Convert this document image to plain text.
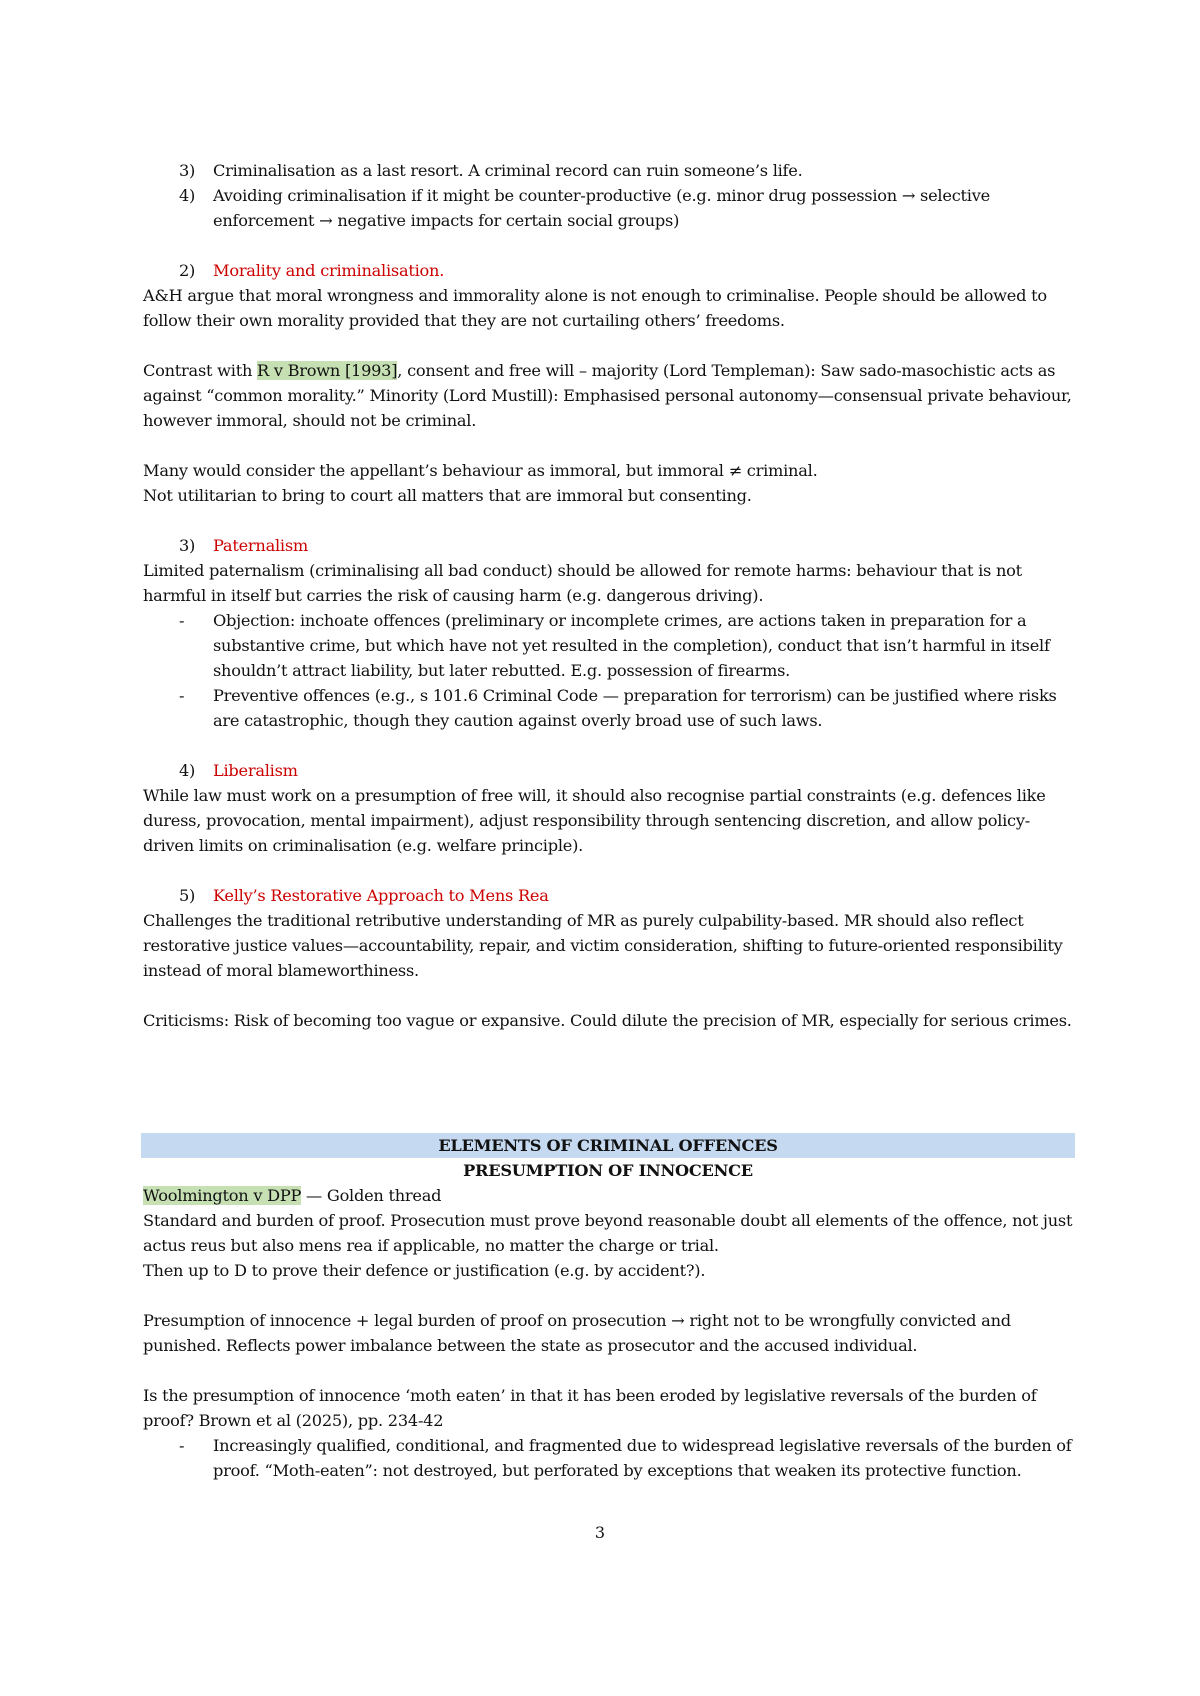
3) Criminalisation as a last resort. A criminal record can ruin someone’s life.
4) Avoiding criminalisation if it might be counter-productive (e.g. minor drug possession → selective enforcement → negative impacts for certain social groups)
2) Morality and criminalisation.

A&H argue that moral wrongness and immorality alone is not enough to criminalise. People should be allowed to follow their own morality provided that they are not curtailing others’ freedoms.

Contrast with R v Brown [1993], consent and free will – majority (Lord Templeman): Saw sado-masochistic acts as against “common morality.” Minority (Lord Mustill): Emphasised personal autonomy—consensual private behaviour, however immoral, should not be criminal.

Many would consider the appellant’s behaviour as immoral, but immoral ≠ criminal.

Not utilitarian to bring to court all matters that are immoral but consenting.

3) Paternalism

Limited paternalism (criminalising all bad conduct) should be allowed for remote harms: behaviour that is not harmful in itself but carries the risk of causing harm (e.g. dangerous driving).

- Objection: inchoate offences (preliminary or incomplete crimes, are actions taken in preparation for a substantive crime, but which have not yet resulted in the completion), conduct that isn’t harmful in itself shouldn’t attract liability, but later rebutted. E.g. possession of firearms.
- Preventive offences (e.g., s 101.6 Criminal Code — preparation for terrorism) can be justified where risks are catastrophic, though they caution against overly broad use of such laws.
4) Liberalism

While law must work on a presumption of free will, it should also recognise partial constraints (e.g. defences like duress, provocation, mental impairment), adjust responsibility through sentencing discretion, and allow policy-driven limits on criminalisation (e.g. welfare principle).

5) Kelly’s Restorative Approach to Mens Rea

Challenges the traditional retributive understanding of MR as purely culpability-based. MR should also reflect restorative justice values—accountability, repair, and victim consideration, shifting to future-oriented responsibility instead of moral blameworthiness.

Criticisms: Risk of becoming too vague or expansive. Could dilute the precision of MR, especially for serious crimes.

ELEMENTS OF CRIMINAL OFFENCES
PRESUMPTION OF INNOCENCE

Woolmington v DPP — Golden thread

Standard and burden of proof. Prosecution must prove beyond reasonable doubt all elements of the offence, not just actus reus but also mens rea if applicable, no matter the charge or trial.

Then up to D to prove their defence or justification (e.g. by accident?).

Presumption of innocence + legal burden of proof on prosecution → right not to be wrongfully convicted and punished. Reflects power imbalance between the state as prosecutor and the accused individual.

Is the presumption of innocence ‘moth eaten’ in that it has been eroded by legislative reversals of the burden of proof? Brown et al (2025), pp. 234-42

- Increasingly qualified, conditional, and fragmented due to widespread legislative reversals of the burden of proof. “Moth-eaten”: not destroyed, but perforated by exceptions that weaken its protective function.
3
